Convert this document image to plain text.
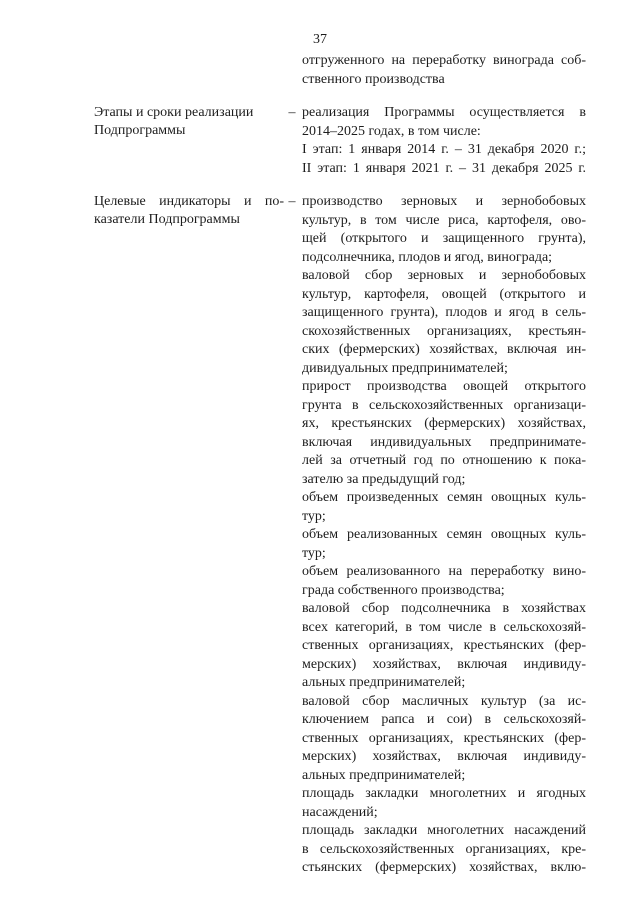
37
отгруженного на переработку винограда соб-
ственного производства
Этапы и сроки реализации
Подпрограммы
– реализация Программы осуществляется в
2014–2025 годах, в том числе:
I этап: 1 января 2014 г. – 31 декабря 2020 г.;
II этап: 1 января 2021 г. – 31 декабря 2025 г.
Целевые индикаторы и по-
казатели Подпрограммы
– производство зерновых и зернобобовых
культур, в том числе риса, картофеля, ово-
щей (открытого и защищенного грунта),
подсолнечника, плодов и ягод, винограда;
валовой сбор зерновых и зернобобовых
культур, картофеля, овощей (открытого и
защищенного грунта), плодов и ягод в сель-
скохозяйственных организациях, крестьян-
ских (фермерских) хозяйствах, включая ин-
дивидуальных предпринимателей;
прирост производства овощей открытого
грунта в сельскохозяйственных организаци-
ях, крестьянских (фермерских) хозяйствах,
включая индивидуальных предпринимате-
лей за отчетный год по отношению к пока-
зателю за предыдущий год;
объем произведенных семян овощных куль-
тур;
объем реализованных семян овощных куль-
тур;
объем реализованного на переработку вино-
града собственного производства;
валовой сбор подсолнечника в хозяйствах
всех категорий, в том числе в сельскохозяй-
ственных организациях, крестьянских (фер-
мерских) хозяйствах, включая индивиду-
альных предпринимателей;
валовой сбор масличных культур (за ис-
ключением рапса и сои) в сельскохозяй-
ственных организациях, крестьянских (фер-
мерских) хозяйствах, включая индивиду-
альных предпринимателей;
площадь закладки многолетних и ягодных
насаждений;
площадь закладки многолетних насаждений
в сельскохозяйственных организациях, кре-
стьянских (фермерских) хозяйствах, вклю-
